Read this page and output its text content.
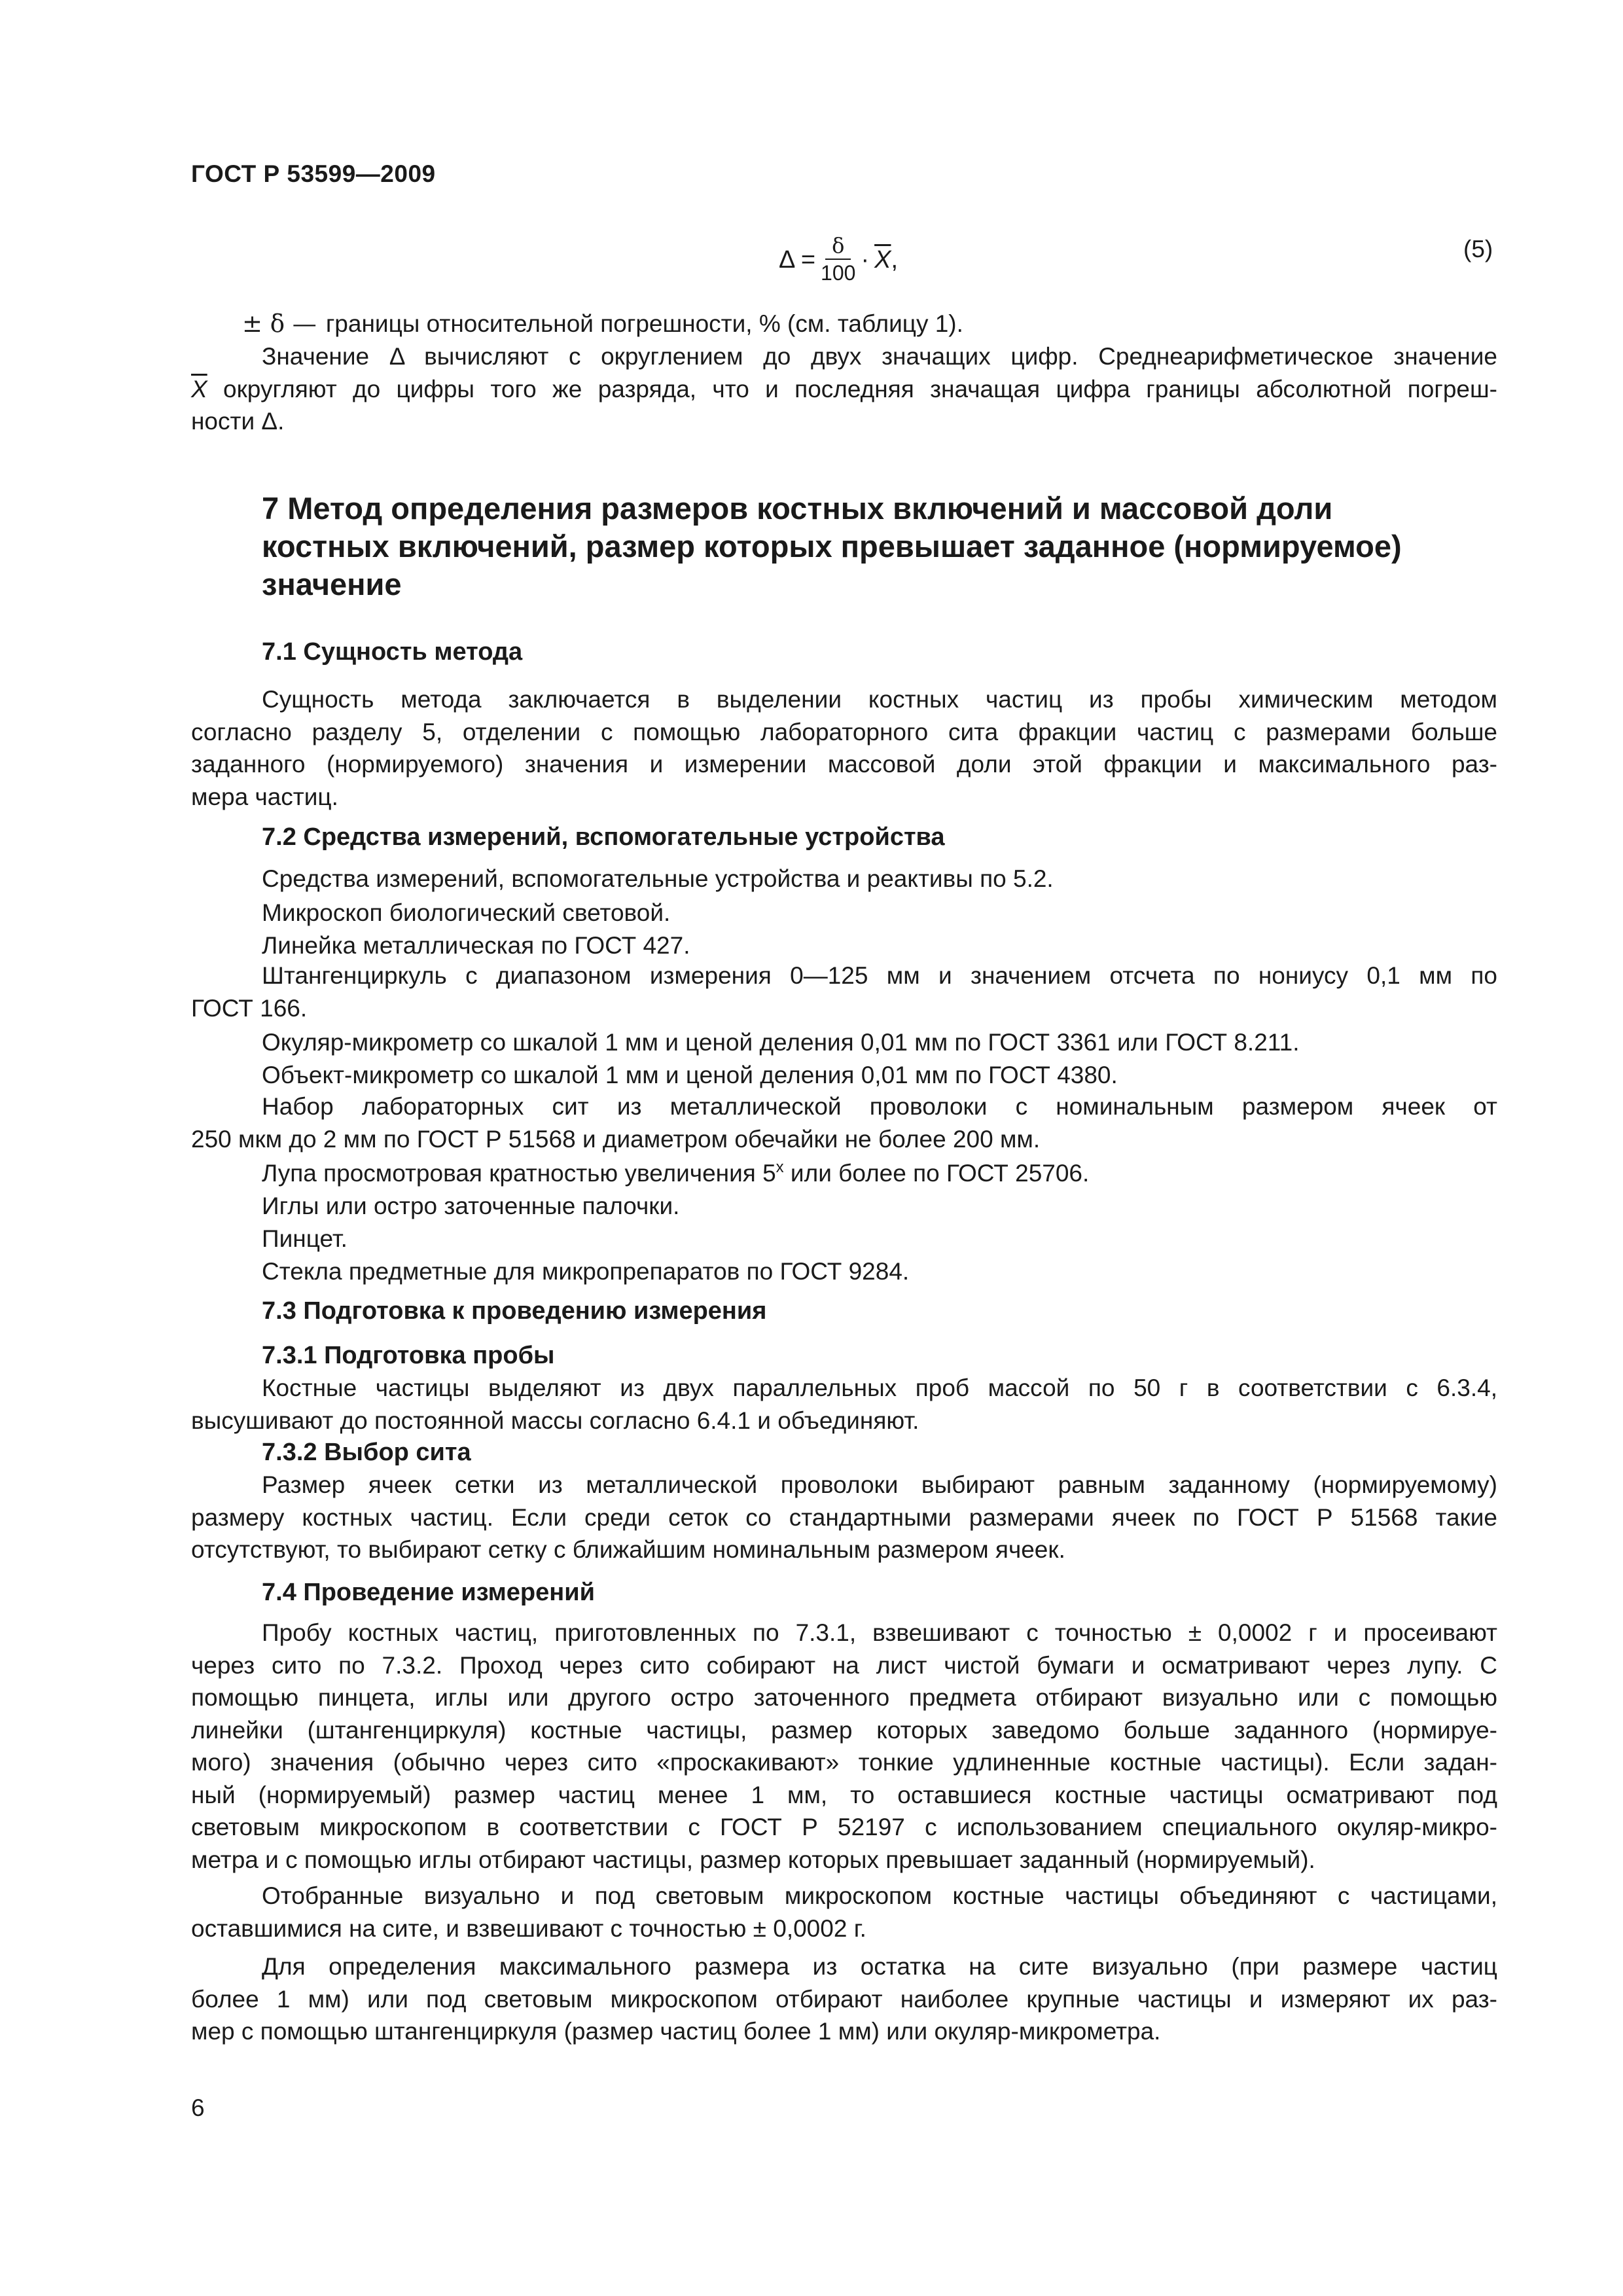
ГОСТ Р 53599—2009
$\Delta = \frac{\delta}{100} \cdot \overline{X}$ ,	(5)
± δ — границы относительной погрешности, % (см. таблицу 1).
Значение Δ вычисляют с округлением до двух значащих цифр. Среднеарифметическое значение
$\overline{X}$ округляют до цифры того же разряда, что и последняя значащая цифра границы абсолютной погреш-
ности Δ.
7 Метод определения размеров костных включений и массовой доли
костных включений, размер которых превышает заданное (нормируемое)
значение
7.1 Сущность метода
Сущность метода заключается в выделении костных частиц из пробы химическим методом
согласно разделу 5, отделении с помощью лабораторного сита фракции частиц с размерами больше
заданного (нормируемого) значения и измерении массовой доли этой фракции и максимального раз-
мера частиц.
7.2 Средства измерений, вспомогательные устройства
Средства измерений, вспомогательные устройства и реактивы по 5.2.
Микроскоп биологический световой.
Линейка металлическая по ГОСТ 427.
Штангенциркуль с диапазоном измерения 0—125 мм и значением отсчета по нониусу 0,1 мм по
ГОСТ 166.
Окуляр-микрометр со шкалой 1 мм и ценой деления 0,01 мм по ГОСТ 3361 или ГОСТ 8.211.
Объект-микрометр со шкалой 1 мм и ценой деления 0,01 мм по ГОСТ 4380.
Набор лабораторных сит из металлической проволоки с номинальным размером ячеек от
250 мкм до 2 мм по ГОСТ Р 51568 и диаметром обечайки не более 200 мм.
Лупа просмотровая кратностью увеличения 5$^x$ или более по ГОСТ 25706.
Иглы или остро заточенные палочки.
Пинцет.
Стекла предметные для микропрепаратов по ГОСТ 9284.
7.3 Подготовка к проведению измерения
7.3.1 Подготовка пробы
Костные частицы выделяют из двух параллельных проб массой по 50 г в соответствии с 6.3.4,
высушивают до постоянной массы согласно 6.4.1 и объединяют.
7.3.2 Выбор сита
Размер ячеек сетки из металлической проволоки выбирают равным заданному (нормируемому)
размеру костных частиц. Если среди сеток со стандартными размерами ячеек по ГОСТ Р 51568 такие
отсутствуют, то выбирают сетку с ближайшим номинальным размером ячеек.
7.4 Проведение измерений
Пробу костных частиц, приготовленных по 7.3.1, взвешивают с точностью ± 0,0002 г и просеивают
через сито по 7.3.2. Проход через сито собирают на лист чистой бумаги и осматривают через лупу. С
помощью пинцета, иглы или другого остро заточенного предмета отбирают визуально или с помощью
линейки (штангенциркуля) костные частицы, размер которых заведомо больше заданного (нормируе-
мого) значения (обычно через сито «проскакивают» тонкие удлиненные костные частицы). Если задан-
ный (нормируемый) размер частиц менее 1 мм, то оставшиеся костные частицы осматривают под
световым микроскопом в соответствии с ГОСТ Р 52197 с использованием специального окуляр-микро-
метра и с помощью иглы отбирают частицы, размер которых превышает заданный (нормируемый).
Отобранные визуально и под световым микроскопом костные частицы объединяют с частицами,
оставшимися на сите, и взвешивают с точностью ± 0,0002 г.
Для определения максимального размера из остатка на сите визуально (при размере частиц
более 1 мм) или под световым микроскопом отбирают наиболее крупные частицы и измеряют их раз-
мер с помощью штангенциркуля (размер частиц более 1 мм) или окуляр-микрометра.
6
